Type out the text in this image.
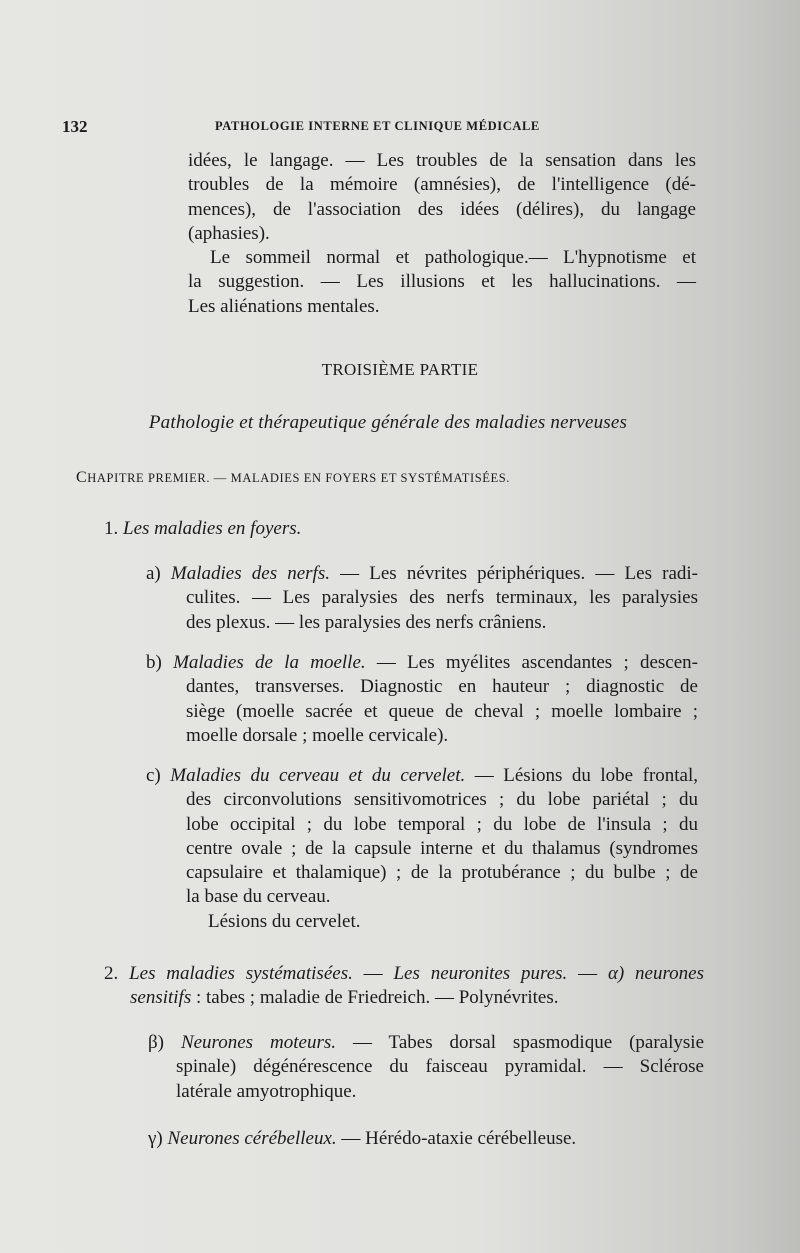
132	PATHOLOGIE INTERNE ET CLINIQUE MÉDICALE
idées, le langage. — Les troubles de la sensation dans les
troubles de la mémoire (amnésies), de l'intelligence (dé-
mences), de l'association des idées (délires), du langage
(aphasies).
Le sommeil normal et pathologique.— L'hypnotisme et
la suggestion. — Les illusions et les hallucinations. —
Les aliénations mentales.
TROISIÈME PARTIE
Pathologie et thérapeutique générale des maladies nerveuses
CHAPITRE PREMIER. — MALADIES EN FOYERS ET SYSTÉMATISÉES.
1. Les maladies en foyers.
a) Maladies des nerfs. — Les névrites périphériques. — Les radi-
culites. — Les paralysies des nerfs terminaux, les paralysies
des plexus. — les paralysies des nerfs crâniens.
b) Maladies de la moelle. — Les myélites ascendantes ; descen-
dantes, transverses. Diagnostic en hauteur ; diagnostic de
siège (moelle sacrée et queue de cheval ; moelle lombaire ;
moelle dorsale ; moelle cervicale).
c) Maladies du cerveau et du cervelet. — Lésions du lobe frontal,
des circonvolutions sensitivomotrices ; du lobe pariétal ; du
lobe occipital ; du lobe temporal ; du lobe de l'insula ; du
centre ovale ; de la capsule interne et du thalamus (syndromes
capsulaire et thalamique) ; de la protubérance ; du bulbe ; de
la base du cerveau.
Lésions du cervelet.
2. Les maladies systématisées. — Les neuronites pures. — α) neurones
sensitifs : tabes ; maladie de Friedreich. — Polynévrites.
β) Neurones moteurs. — Tabes dorsal spasmodique (paralysie
spinale) dégénérescence du faisceau pyramidal. — Sclérose
latérale amyotrophique.
γ) Neurones cérébelleux. — Hérédo-ataxie cérébelleuse.
